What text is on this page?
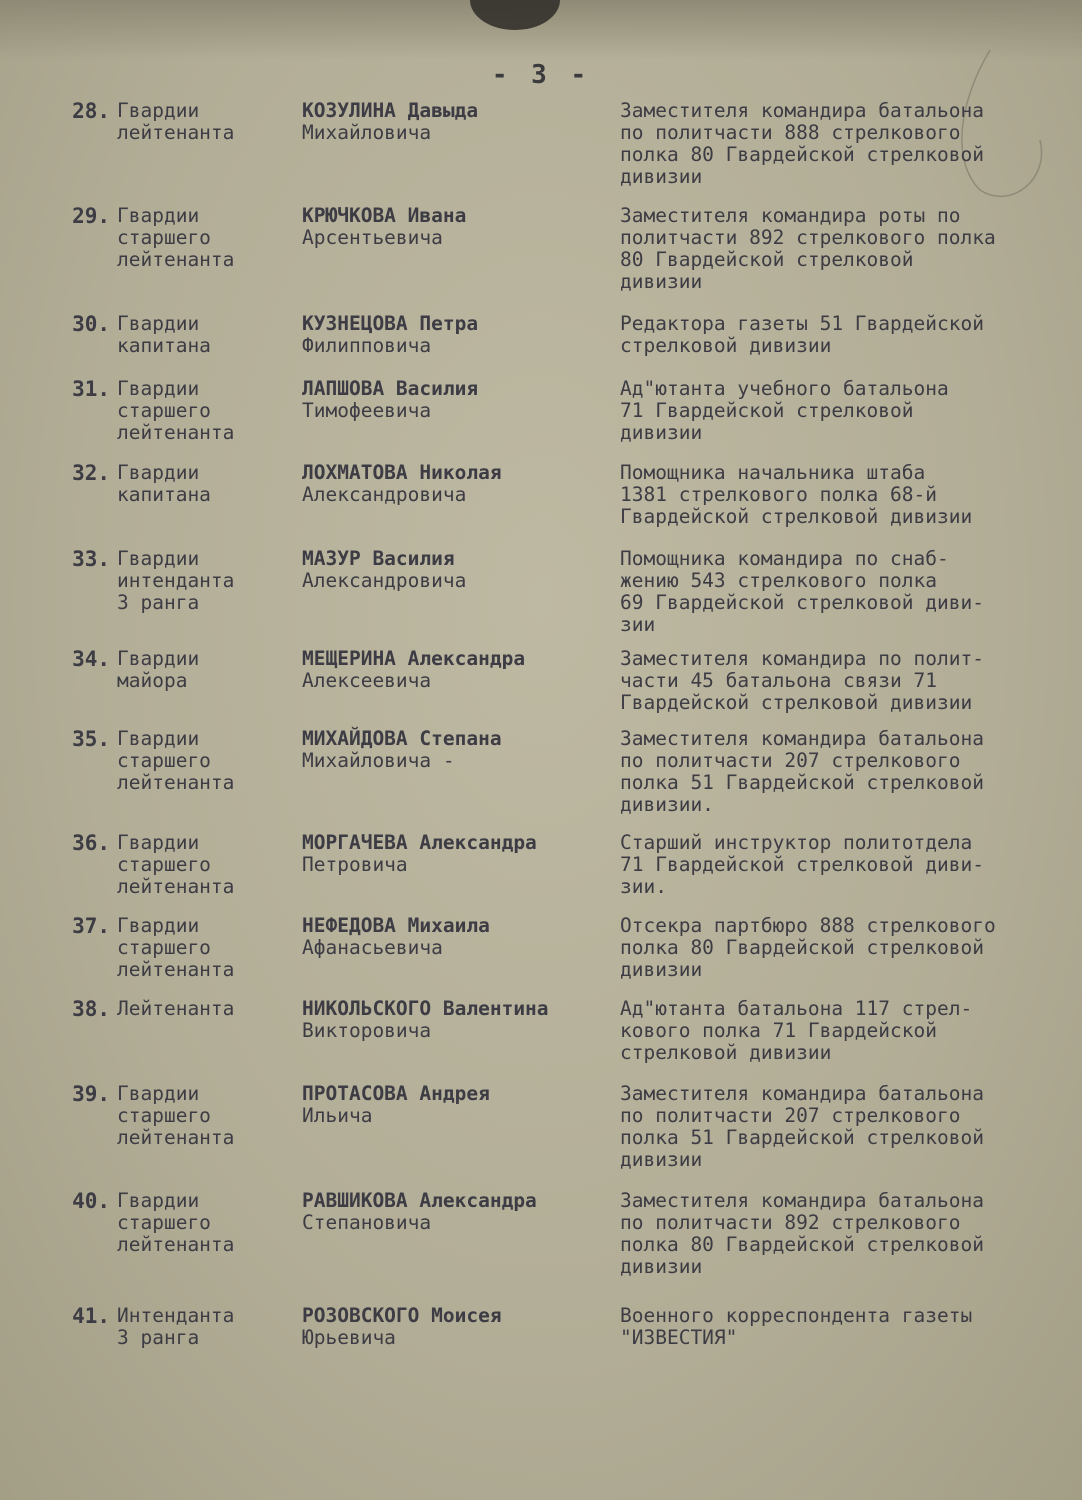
- 3 -
28. Гвардии
лейтенанта
КОЗУЛИНА Давыда
Михайловича
Заместителя командира батальона
по политчасти 888 стрелкового
полка 80 Гвардейской стрелковой
дивизии
29. Гвардии
старшего
лейтенанта
КРЮЧКОВА Ивана
Арсентьевича
Заместителя командира роты по
политчасти 892 стрелкового полка
80 Гвардейской стрелковой
дивизии
30. Гвардии
капитана
КУЗНЕЦОВА Петра
Филипповича
Редактора газеты 51 Гвардейской
стрелковой дивизии
31. Гвардии
старшего
лейтенанта
ЛАПШОВА Василия
Тимофеевича
Ад"ютанта учебного батальона
71 Гвардейской стрелковой
дивизии
32. Гвардии
капитана
ЛОХМАТОВА Николая
Александровича
Помощника начальника штаба
1381 стрелкового полка 68-й
Гвардейской стрелковой дивизии
33. Гвардии
интенданта
3 ранга
МАЗУР Василия
Александровича
Помощника командира по снаб-
жению 543 стрелкового полка
69 Гвардейской стрелковой диви-
зии
34. Гвардии
майора
МЕЩЕРИНА Александра
Алексеевича
Заместителя командира по полит-
части 45 батальона связи 71
Гвардейской стрелковой дивизии
35. Гвардии
старшего
лейтенанта
МИХАЙДОВА Степана
Михайловича -
Заместителя командира батальона
по политчасти 207 стрелкового
полка 51 Гвардейской стрелковой
дивизии.
36. Гвардии
старшего
лейтенанта
МОРГАЧЕВА Александра
Петровича
Старший инструктор политотдела
71 Гвардейской стрелковой диви-
зии.
37. Гвардии
старшего
лейтенанта
НЕФЕДОВА Михаила
Афанасьевича
Отсекра партбюро 888 стрелкового
полка 80 Гвардейской стрелковой
дивизии
38. Лейтенанта	НИКОЛЬСКОГО Валентина
Викторовича
Ад"ютанта батальона 117 стрел-
кового полка 71 Гвардейской
стрелковой дивизии
39. Гвардии
старшего
лейтенанта
ПРОТАСОВА Андрея
Ильича
Заместителя командира батальона
по политчасти 207 стрелкового
полка 51 Гвардейской стрелковой
дивизии
40. Гвардии
старшего
лейтенанта
РАВШИКОВА Александра
Степановича
Заместителя командира батальона
по политчасти 892 стрелкового
полка 80 Гвардейской стрелковой
дивизии
41. Интенданта
3 ранга
РОЗОВСКОГО Моисея
Юрьевича
Военного корреспондента газеты
"ИЗВЕСТИЯ"
